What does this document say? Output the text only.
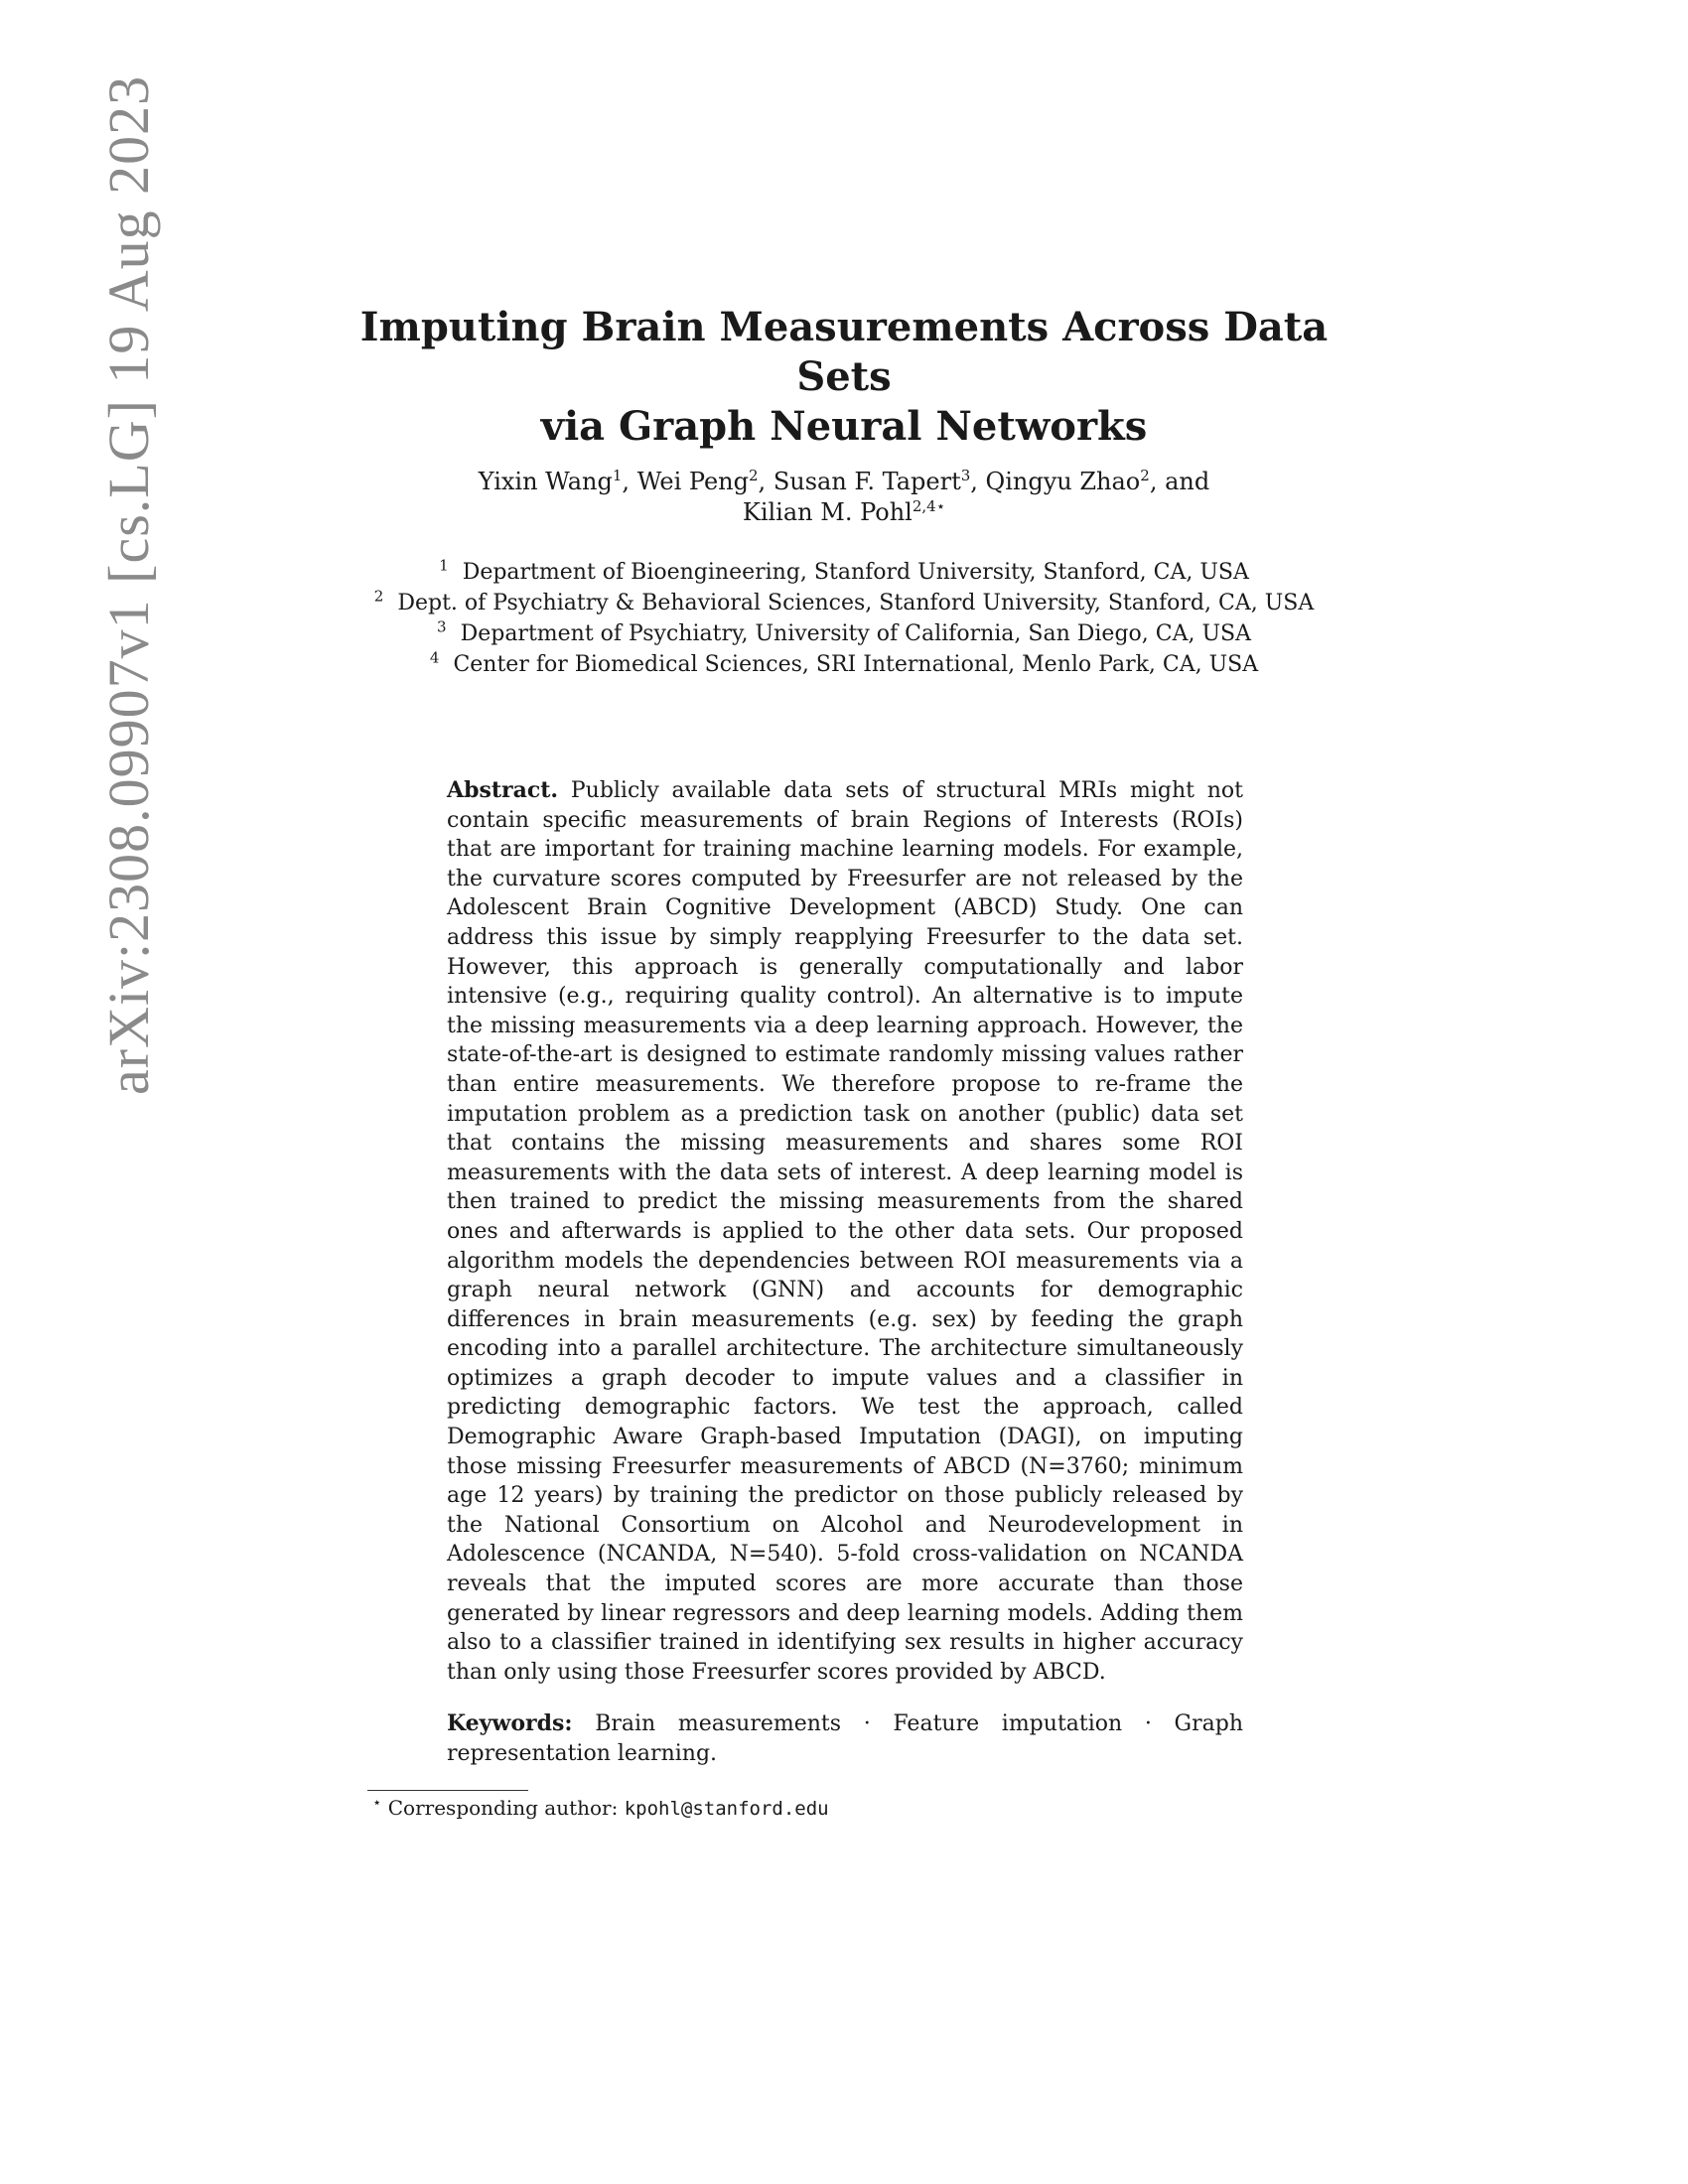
arXiv:2308.09907v1 [cs.LG] 19 Aug 2023	Imputing Brain Measurements Across Data Sets
via Graph Neural Networks
Yixin Wang$^1$, Wei Peng$^2$, Susan F. Tapert$^3$, Qingyu Zhao$^2$, and
Kilian M. Pohl$^{2,4⋆}$
$^1$ Department of Bioengineering, Stanford University, Stanford, CA, USA
$^2$ Dept. of Psychiatry & Behavioral Sciences, Stanford University, Stanford, CA, USA
$^3$ Department of Psychiatry, University of California, San Diego, CA, USA
$^4$ Center for Biomedical Sciences, SRI International, Menlo Park, CA, USA
Abstract. Publicly available data sets of structural MRIs might not contain specific measurements of brain Regions of Interests (ROIs) that are important for training machine learning models. For example, the curvature scores computed by Freesurfer are not released by the Adolescent Brain Cognitive Development (ABCD) Study. One can address this issue by simply reapplying Freesurfer to the data set. However, this approach is generally computationally and labor intensive (e.g., requiring quality control). An alternative is to impute the missing measurements via a deep learning approach. However, the state-of-the-art is designed to estimate randomly missing values rather than entire measurements. We therefore propose to re-frame the imputation problem as a prediction task on another (public) data set that contains the missing measurements and shares some ROI measurements with the data sets of interest. A deep learning model is then trained to predict the missing measurements from the shared ones and afterwards is applied to the other data sets. Our proposed algorithm models the dependencies between ROI measurements via a graph neural network (GNN) and accounts for demographic differences in brain measurements (e.g. sex) by feeding the graph encoding into a parallel architecture. The architecture simultaneously optimizes a graph decoder to impute values and a classifier in predicting demographic factors. We test the approach, called Demographic Aware Graph-based Imputation (DAGI), on imputing those missing Freesurfer measurements of ABCD (N=3760; minimum age 12 years) by training the predictor on those publicly released by the National Consortium on Alcohol and Neurodevelopment in Adolescence (NCANDA, N=540). 5-fold cross-validation on NCANDA reveals that the imputed scores are more accurate than those generated by linear regressors and deep learning models. Adding them also to a classifier trained in identifying sex results in higher accuracy than only using those Freesurfer scores provided by ABCD.
Keywords: Brain measurements · Feature imputation · Graph representation learning.
⋆ Corresponding author: kpohl@stanford.edu
